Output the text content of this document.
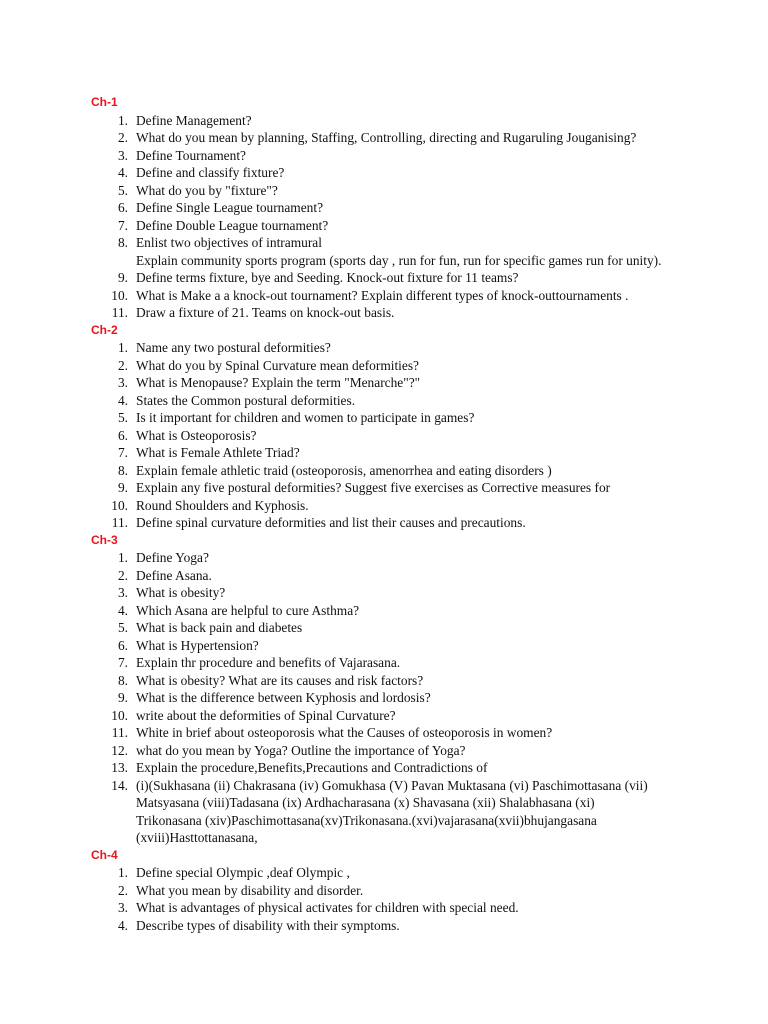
Ch-1
1. Define Management?
2. What do you mean by planning, Staffing, Controlling, directing and Rugaruling Jouganising?
3. Define Tournament?
4. Define and classify fixture?
5. What do you by "fixture"?
6. Define Single League tournament?
7. Define Double League tournament?
8. Enlist two objectives of intramural
Explain community sports program (sports day , run for fun, run for specific games run for unity).
9. Define terms fixture, bye and Seeding. Knock-out fixture for 11 teams?
10. What is Make a a knock-out tournament? Explain different types of knock-outtournaments .
11. Draw a fixture of 21. Teams on knock-out basis.
Ch-2
1. Name any two postural deformities?
2. What do you by Spinal Curvature mean deformities?
3. What is Menopause? Explain the term "Menarche"?"
4. States the Common postural deformities.
5. Is it important for children and women to participate in games?
6. What is Osteoporosis?
7. What is Female Athlete Triad?
8. Explain female athletic traid (osteoporosis, amenorrhea and eating disorders )
9. Explain any five postural deformities? Suggest five exercises as Corrective measures for
10. Round Shoulders and Kyphosis.
11. Define spinal curvature deformities and list their causes and precautions.
Ch-3
1. Define Yoga?
2. Define Asana.
3. What is obesity?
4. Which Asana are helpful to cure Asthma?
5. What is back pain and diabetes
6. What is Hypertension?
7. Explain thr procedure and benefits of Vajarasana.
8. What is obesity? What are its causes and risk factors?
9. What is the difference between Kyphosis and lordosis?
10. write about the deformities of Spinal Curvature?
11. White in brief about osteoporosis what the Causes of osteoporosis in women?
12. what do you mean by Yoga? Outline the importance of Yoga?
13. Explain the procedure,Benefits,Precautions and Contradictions of
14. (i)(Sukhasana (ii) Chakrasana (iv) Gomukhasa (V) Pavan Muktasana (vi) Paschimottasana (vii)
Matsyasana (viii)Tadasana (ix) Ardhacharasana (x) Shavasana (xii) Shalabhasana (xi)
Trikonasana (xiv)Paschimottasana(xv)Trikonasana.(xvi)vajarasana(xvii)bhujangasana
(xviii)Hasttottanasana,
Ch-4
1. Define special Olympic ,deaf Olympic ,
2. What you mean by disability and disorder.
3. What is advantages of physical activates for children with special need.
4. Describe types of disability with their symptoms.
